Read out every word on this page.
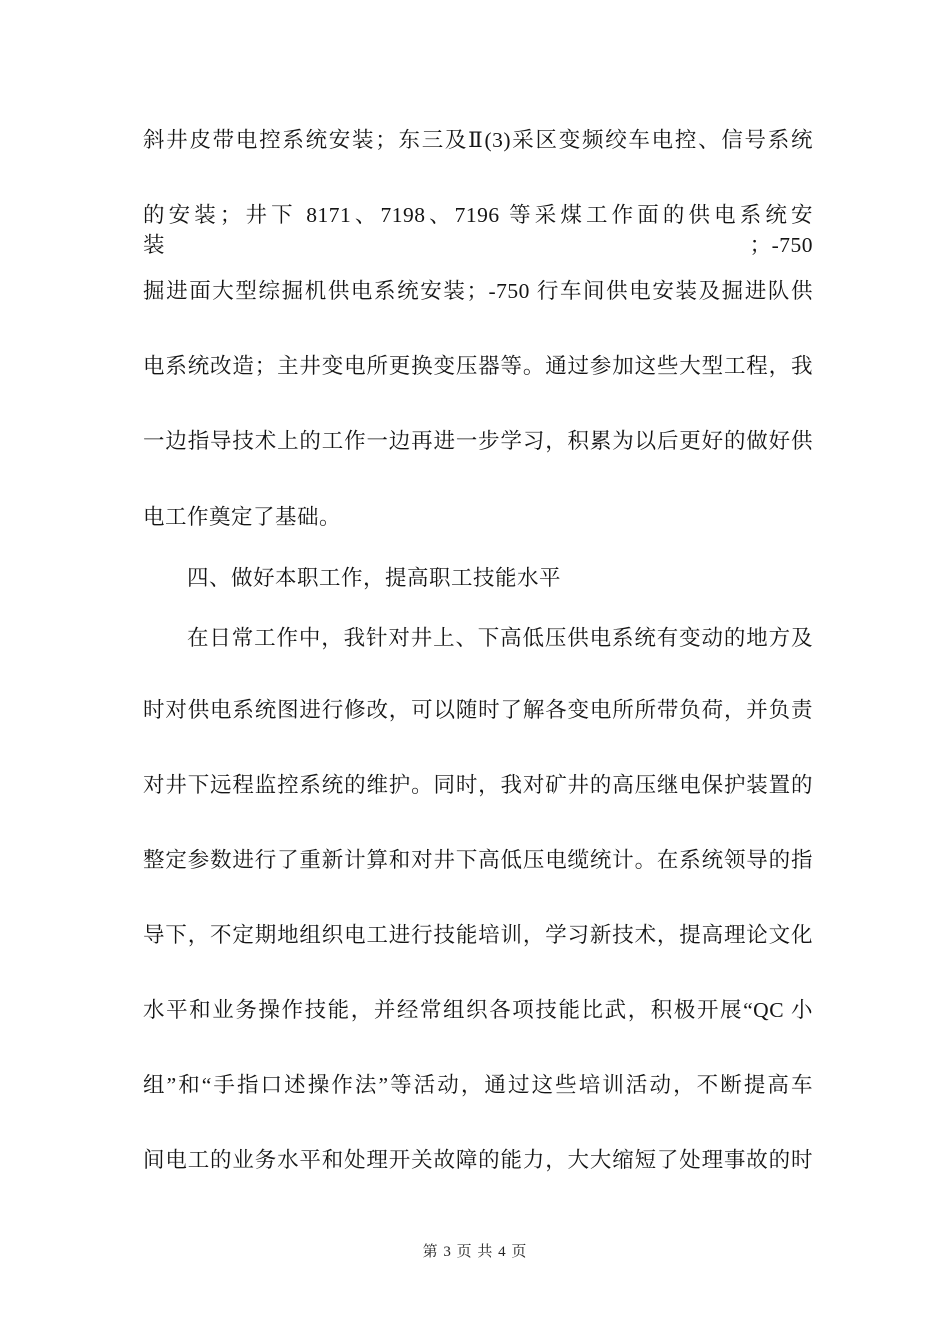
斜井皮带电控系统安装；东三及Ⅱ(3)采区变频绞车电控、信号系统
的安装；井下 8171、7198、7196 等采煤工作面的供电系统安装；-750
掘进面大型综掘机供电系统安装；-750 行车间供电安装及掘进队供
电系统改造；主井变电所更换变压器等。通过参加这些大型工程，我
一边指导技术上的工作一边再进一步学习，积累为以后更好的做好供
电工作奠定了基础。
四、做好本职工作，提高职工技能水平
在日常工作中，我针对井上、下高低压供电系统有变动的地方及
时对供电系统图进行修改，可以随时了解各变电所所带负荷，并负责
对井下远程监控系统的维护。同时，我对矿井的高压继电保护装置的
整定参数进行了重新计算和对井下高低压电缆统计。在系统领导的指
导下，不定期地组织电工进行技能培训，学习新技术，提高理论文化
水平和业务操作技能，并经常组织各项技能比武，积极开展“QC 小
组”和“手指口述操作法”等活动，通过这些培训活动，不断提高车
间电工的业务水平和处理开关故障的能力，大大缩短了处理事故的时
第 3 页 共 4 页
